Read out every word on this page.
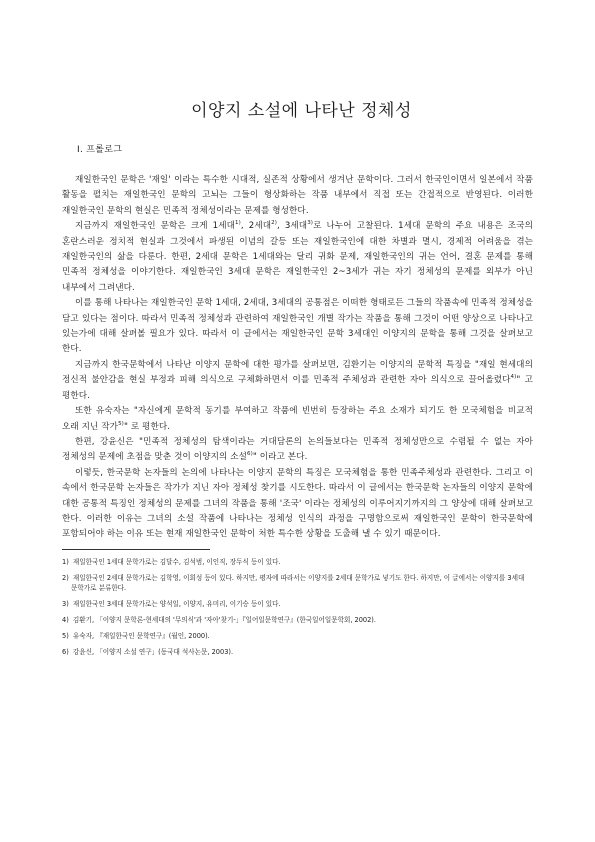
이양지 소설에 나타난 정체성
Ⅰ. 프롤로그

재일한국인 문학은 '재일' 이라는 특수한 시대적, 실존적 상황에서 생겨난 문학이다. 그러서 한국인이면서 일본에서 작품 활동을 펼치는 재일한국인 문학의 고뇌는 그들이 형상화하는 작품 내부에서 직접 또는 간접적으로 반영된다. 이러한 재일한국인 문학의 현실은 민족적 정체성이라는 문제를 형성한다.

지금까지 재일한국인 문학은 크게 1세대$^{1)}$, 2세대$^{2)}$, 3세대$^{3)}$로 나누어 고찰된다. 1세대 문학의 주요 내용은 조국의 혼란스러운 정치적 현실과 그것에서 파생된 이념의 갈등 또는 재일한국인에 대한 차별과 멸시, 경제적 어려움을 겪는 재일한국인의 삶을 다룬다. 한편, 2세대 문학은 1세대와는 달리 귀화 문제, 재일한국인의 귀는 언어, 결혼 문제를 통해 민족적 정체성을 이야기한다. 재일한국인 3세대 문학은 재일한국인 2~3세가 귀는 자기 정체성의 문제를 외부가 아닌 내부에서 그려낸다.

이를 통해 나타나는 재일한국인 문학 1세대, 2세대, 3세대의 공통점은 이떠한 형태로든 그들의 작품속에 민족적 정체성을 담고 있다는 점이다. 따라서 민족적 정체성과 관련하여 재일한국인 개별 작가는 작품을 통해 그것이 어떤 양상으로 나타나고 있는가에 대해 살펴볼 필요가 있다. 따라서 이 글에서는 재일한국인 문학 3세대인 이양지의 문학을 통해 그것을 살펴보고 한다.

지금까지 한국문학에서 나타난 이양지 문학에 대한 평가를 살펴보면, 김환기는 이양지의 문학적 특징을 "재일 현세대의 정신적 불안감을 현실 부정과 피해 의식으로 구체화하면서 이를 민족적 주체성과 관련한 자아 의식으로 끌어올렸다$^{4)}$" 고 평한다.

또한 유숙자는 "자신에게 문학적 동기를 부여하고 작품에 빈번히 등장하는 주요 소재가 되기도 한 모국체험을 비교적 오래 지닌 작가$^{5)}$" 로 평한다.

한편, 강윤신은 "민족적 정체성의 탐색이라는 거대담론의 논의들보다는 민족적 정체성만으로 수렴될 수 없는 자아 정체성의 문제에 초점을 맞춘 것이 이양지의 소설$^{6)}$" 이라고 본다.

이렇듯, 한국문학 논자들의 논의에 나타나는 이양지 문학의 특징은 모국체험을 통한 민족주체성과 관련한다. 그리고 이 속에서 한국문학 논자들은 작가가 지닌 자아 정체성 찾기를 시도한다. 따라서 이 글에서는 한국문학 논자들의 이양지 문학에 대한 공통적 특징인 정체성의 문제를 그녀의 작품을 통해 '조국' 이라는 정체성의 이루어지기까지의 그 양상에 대해 살펴보고 한다. 이러한 이유는 그녀의 소설 작품에 나타나는 정체성 인식의 과정을 구명함으로써 재일한국인 문학이 한국문학에 포함되어야 하는 이유 또는 현재 재일한국인 문학이 처한 특수한 상황을 도출해 낼 수 있기 때문이다.

1) 재일한국인 1세대 문학가로는 김달수, 김석범, 이인직, 장두식 등이 있다.
2) 재일한국인 2세대 문학가로는 김학영, 이회성 등이 있다. 하지만, 평자에 따라서는 이양지를 2세대 문학가로 넣기도 한다. 하지만, 이 글에서는 이양지를 3세대 문학가로 분류한다.
3) 재일한국인 3세대 문학가로는 양석일, 이양지, 유미리, 이기승 등이 있다.
4) 김환기, 「이양지 문학론-현세대의 '무의식'과 '자아'찾기-」『일어일문학연구』(한국일어일문학회, 2002).
5) 유숙자, 『재일한국인 문학연구』(월인, 2000).
6) 강윤신, 「이양지 소설 연구」(동국대 석사논문, 2003).
